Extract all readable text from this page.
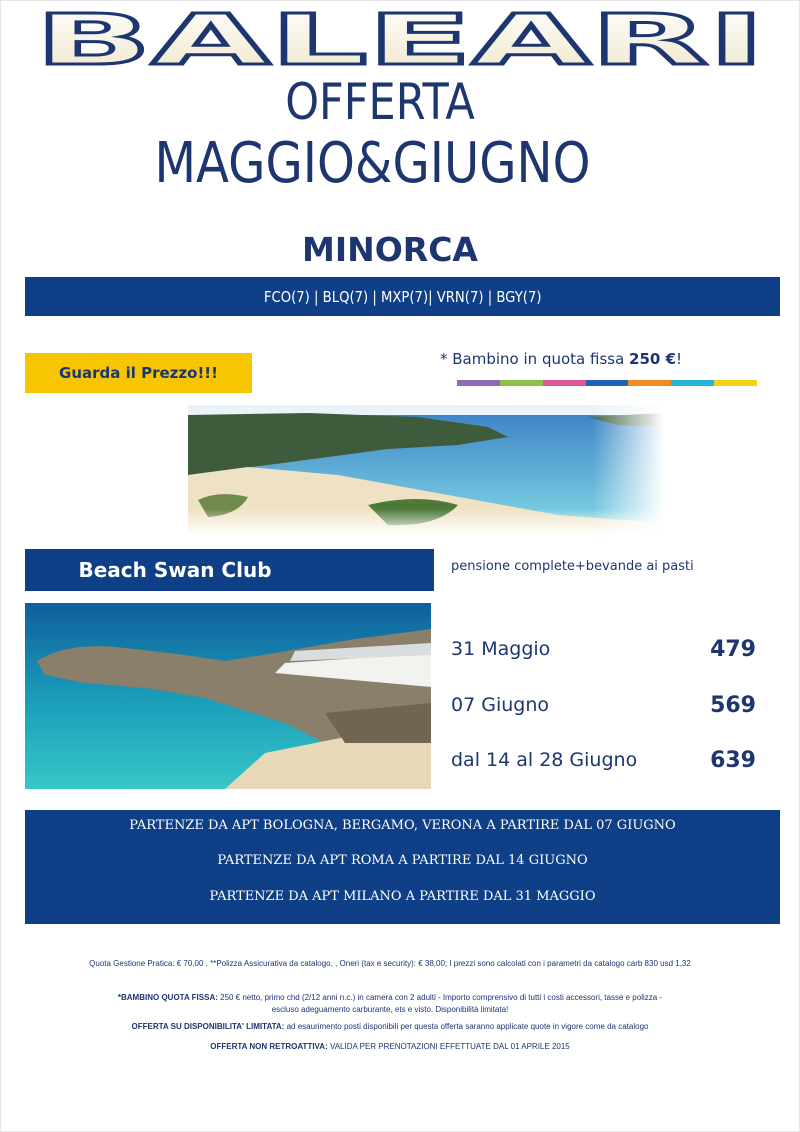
BALEARI
OFFERTA
MAGGIO&GIUGNO
MINORCA
FCO(7) | BLQ(7) | MXP(7)| VRN(7) | BGY(7)
Guarda il Prezzo!!!
* Bambino in quota fissa 250 €!
Beach Swan Club	pensione complete+bevande ai pasti
31 Maggio	479
07 Giugno	569
dal 14 al 28 Giugno	639
PARTENZE DA APT BOLOGNA, BERGAMO, VERONA A PARTIRE DAL 07 GIUGNO
PARTENZE DA APT ROMA A PARTIRE DAL 14 GIUGNO
PARTENZE DA APT MILANO A PARTIRE DAL 31 MAGGIO
Quota Gestione Pratica: € 70,00 , **Polizza Assicurativa da catalogo, , Oneri (tax e security): € 38,00; I prezzi sono calcolati con i parametri da catalogo carb 830 usd 1,32
*BAMBINO QUOTA FISSA: 250 € netto, primo chd (2/12 anni n.c.) in camera con 2 adulti - Importo comprensivo di tutti i costi accessori, tasse e polizza -
escluso adeguamento carburante, ets e visto. Disponibilità limitata!
OFFERTA SU DISPONIBILITA' LIMITATA: ad esaurimento posti disponibili per questa offerta saranno applicate quote in vigore come da catalogo
OFFERTA NON RETROATTIVA: VALIDA PER PRENOTAZIONI EFFETTUATE DAL 01 APRILE 2015
